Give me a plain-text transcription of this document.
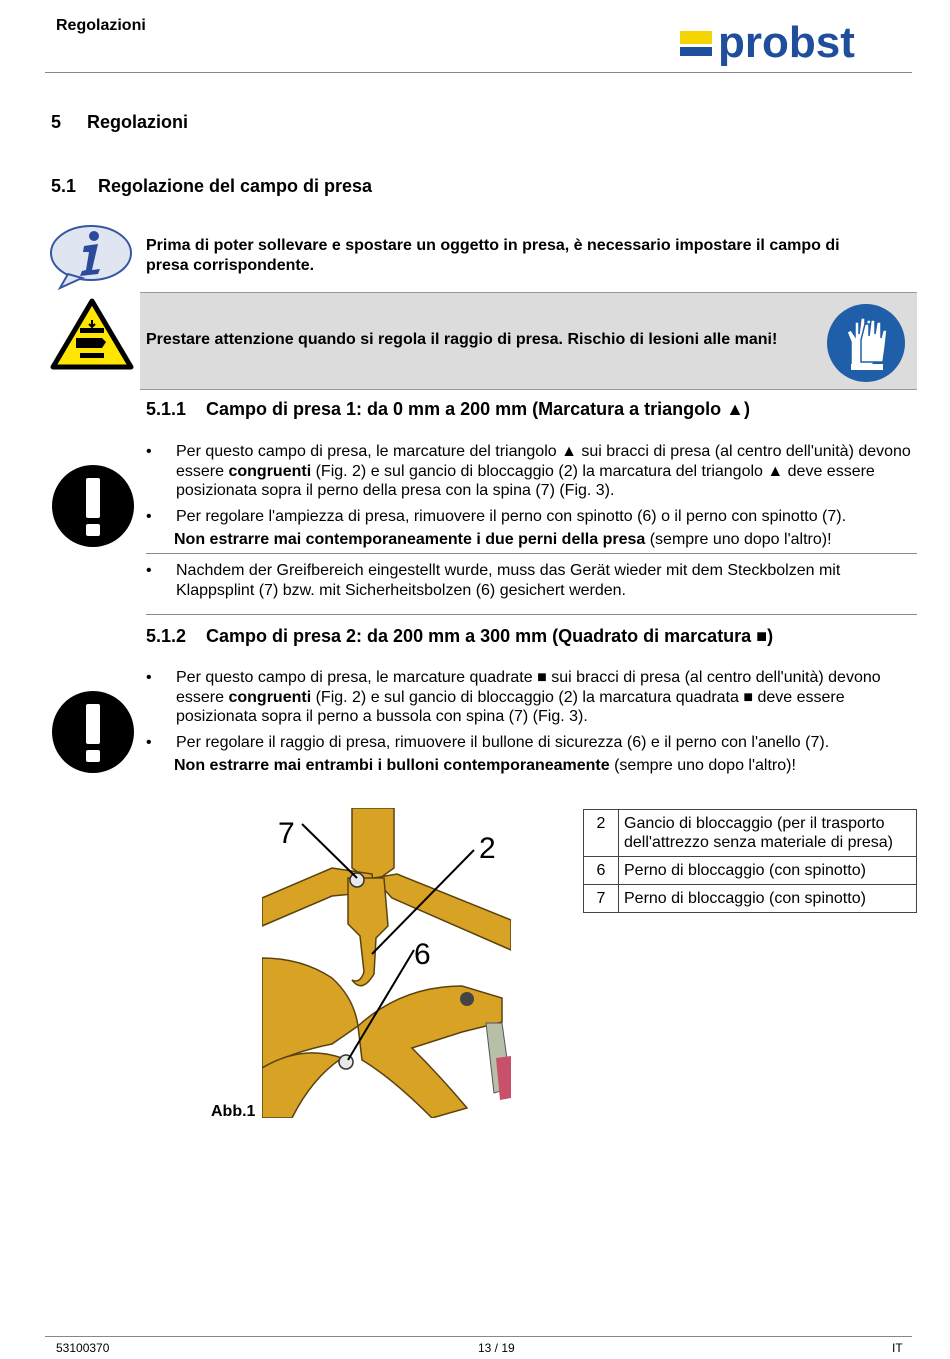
Regolazioni	probst
5 Regolazioni
5.1 Regolazione del campo di presa
Prima di poter sollevare e spostare un oggetto in presa, è necessario impostare il campo di presa corrispondente.
Prestare attenzione quando si regola il raggio di presa. Rischio di lesioni alle mani!
5.1.1 Campo di presa 1: da 0 mm a 200 mm (Marcatura a triangolo ▲)
• Per questo campo di presa, le marcature del triangolo ▲ sui bracci di presa (al centro dell'unità) devono essere congruenti (Fig. 2) e sul gancio di bloccaggio (2) la marcatura del triangolo ▲ deve essere posizionata sopra il perno della presa con la spina (7) (Fig. 3).
• Per regolare l'ampiezza di presa, rimuovere il perno con spinotto (6) o il perno con spinotto (7).
Non estrarre mai contemporaneamente i due perni della presa (sempre uno dopo l'altro)!
• Nachdem der Greifbereich eingestellt wurde, muss das Gerät wieder mit dem Steckbolzen mit Klappsplint (7) bzw. mit Sicherheitsbolzen (6) gesichert werden.
5.1.2 Campo di presa 2: da 200 mm a 300 mm (Quadrato di marcatura ■)
• Per questo campo di presa, le marcature quadrate ■ sui bracci di presa (al centro dell'unità) devono essere congruenti (Fig. 2) e sul gancio di bloccaggio (2) la marcatura quadrata ■ deve essere posizionata sopra il perno a bussola con spina (7) (Fig. 3).
• Per regolare il raggio di presa, rimuovere il bullone di sicurezza (6) e il perno con l'anello (7).
Non estrarre mai entrambi i bulloni contemporaneamente (sempre uno dopo l'altro)!
7	2
6
Abb.1
2	Gancio di bloccaggio (per il trasporto dell'attrezzo senza materiale di presa)
6	Perno di bloccaggio (con spinotto)
7	Perno di bloccaggio (con spinotto)
53100370	13 / 19	IT
